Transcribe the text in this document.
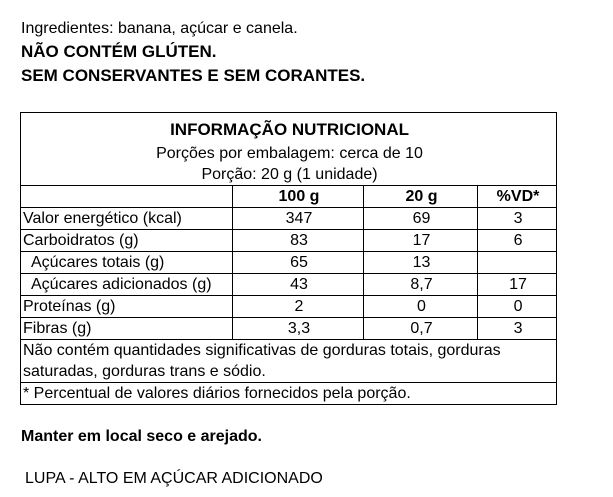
Ingredientes: banana, açúcar e canela.
NÃO CONTÉM GLÚTEN.
SEM CONSERVANTES E SEM CORANTES.
INFORMAÇÃO NUTRICIONAL			
Porções por embalagem: cerca de 10			
Porção: 20 g (1 unidade)			
	100 g	20 g	%VD*
Valor energético (kcal)	347	69	3
Carboidratos (g)	83	17	6
Açúcares totais (g)	65	13	
Açúcares adicionados (g)	43	8,7	17
Proteínas (g)	2	0	0
Fibras (g)	3,3	0,7	3
Não contém quantidades significativas de gorduras totais, gorduras saturadas, gorduras trans e sódio.			
* Percentual de valores diários fornecidos pela porção.			
Manter em local seco e arejado.
LUPA - ALTO EM AÇÚCAR ADICIONADO
